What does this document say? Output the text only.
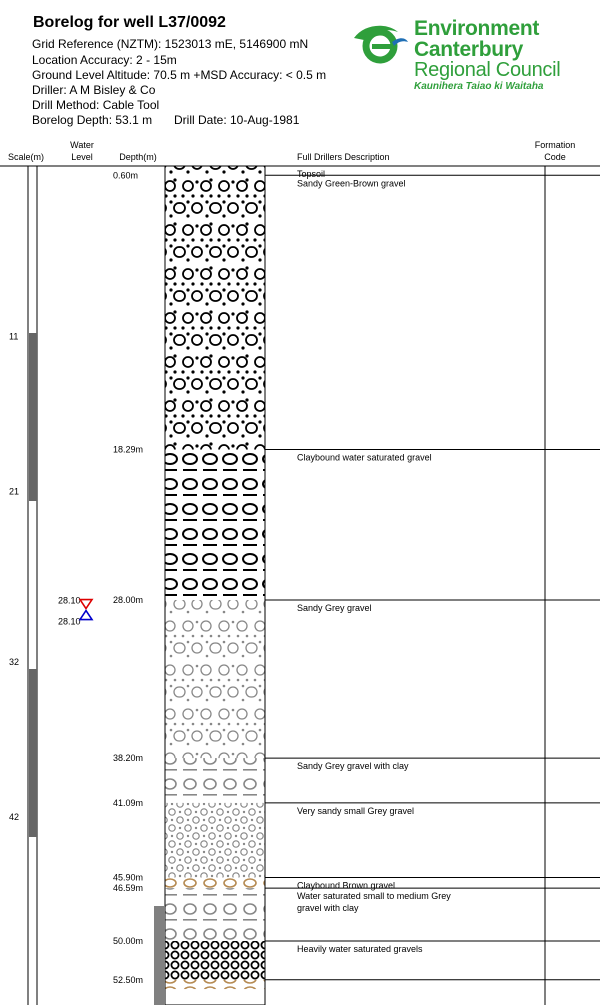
Borelog for well L37/0092
Grid Reference (NZTM): 1523013 mE, 5146900 mN
Location Accuracy: 2 - 15m
Ground Level Altitude: 70.5 m +MSD Accuracy: < 0.5 m
Driller: A M Bisley & Co
Drill Method: Cable Tool
Borelog Depth: 53.1 m Drill Date: 10-Aug-1981
Environment
Canterbury
Regional Council
Kaunihera Taiao ki Waitaha
Scale(m)
Water
Level	Depth(m)	Full Drillers Description
Formation
Code
11
21
32
42
Topsoil
0.60m
Sandy Green-Brown gravel
18.29m
Claybound water saturated gravel
28.00m
Sandy Grey gravel
38.20m
Sandy Grey gravel with clay
41.09m
Very sandy small Grey gravel
45.90m
Claybound Brown gravel
46.59m
Water saturated small to medium Grey gravel with clay
50.00m
Heavily water saturated gravels
52.50m
28.10
28.10
